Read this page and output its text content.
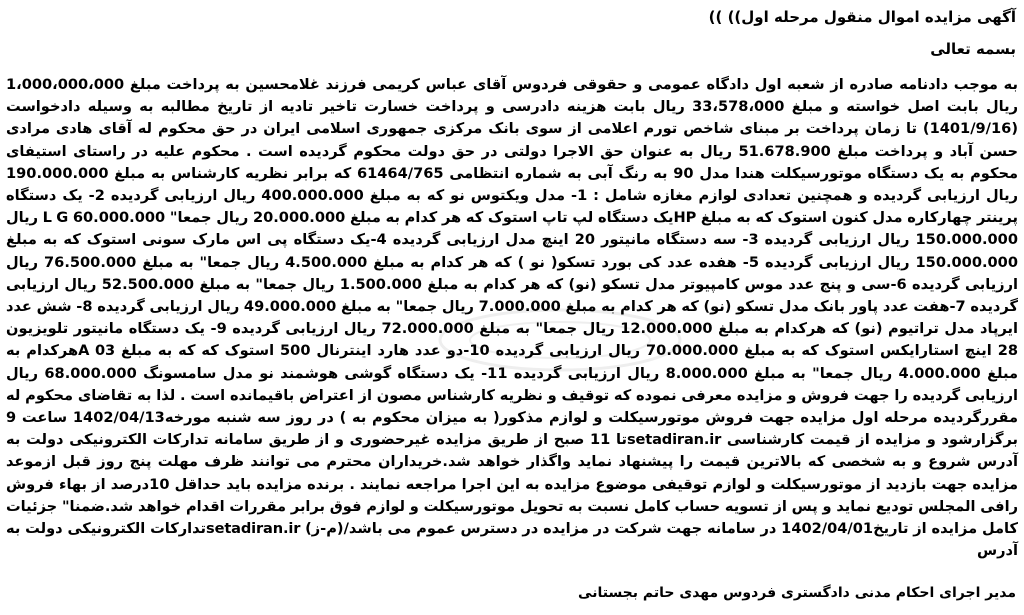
آگهی مزایده اموال منقول مرحله اول)) ))
بسمه تعالی
به موجب دادنامه صادره از شعبه اول دادگاه عمومی و حقوقی فردوس آقای عباس کریمی فرزند غلامحسین به پرداخت مبلغ 1،000،000،000 ریال بابت اصل خواسته و مبلغ 33،578،000 ریال بابت هزینه دادرسی و پرداخت خسارت تاخیر تادیه از تاریخ مطالبه به وسیله دادخواست (1401/9/16) تا زمان پرداخت بر مبنای شاخص تورم اعلامی از سوی بانک مرکزی جمهوری اسلامی ایران در حق محکوم له آقای هادی مرادی حسن آباد و پرداخت مبلغ 51.678.900 ریال به عنوان حق الاجرا دولتی در حق دولت محکوم گردیده است . محکوم علیه در راستای استیفای محکوم به یک دستگاه موتورسیکلت هندا مدل 90 به رنگ آبی به شماره انتظامی 61464/765 که برابر نظریه کارشناس به مبلغ 190.000.000 ریال ارزیابی گردیده و همچنین تعدادی لوازم مغازه شامل : 1- مدل ویکتوس نو که به مبلغ 400.000.000 ریال ارزیابی گردیده 2- یک دستگاه پرینتر چهارکاره مدل کنون استوک که به مبلغ HPیک دستگاه لپ تاپ استوک که هر کدام به مبلغ 20.000.000 ریال جمعا" 60.000.000 L G ریال 150.000.000 ریال ارزیابی گردیده 3- سه دستگاه مانیتور 20 اینچ مدل ارزیابی گردیده 4-یک دستگاه پی اس مارک سونی استوک که به مبلغ 150.000.000 ریال ارزیابی گردیده 5- هفده عدد کی بورد تسکو( نو ) که هر کدام به مبلغ 4.500.000 ریال جمعا" به مبلغ 76.500.000 ریال ارزیابی گردیده 6-سی و پنج عدد موس کامپیوتر مدل تسکو (نو) که هر کدام به مبلغ 1.500.000 ریال جمعا" به مبلغ 52.500.000 ریال ارزیابی گردیده 7-هفت عدد پاور بانک مدل تسکو (نو) که هر کدام به مبلغ 7.000.000 ریال جمعا" به مبلغ 49.000.000 ریال ارزیابی گردیده 8- شش عدد ایرپاد مدل تراتیوم (نو) که هرکدام به مبلغ 12.000.000 ریال جمعا" به مبلغ 72.000.000 ریال ارزیابی گردیده 9- یک دستگاه مانیتور تلویزیون 28 اینچ استارایکس استوک که به مبلغ 70.000.000 ریال ارزیابی گردیده 10-دو عدد هارد اینترنال 500 استوک که که به مبلغ A 03هرکدام به مبلغ 4.000.000 ریال جمعا" به مبلغ 8.000.000 ریال ارزیابی گردیده 11- یک دستگاه گوشی هوشمند نو مدل سامسونگ 68.000.000 ریال ارزیابی گردیده را جهت فروش و مزایده معرفی نموده که توقیف و نظریه کارشناس مصون از اعتراض باقیمانده است . لذا به تقاضای محکوم له مقررگردیده مرحله اول مزایده جهت فروش موتورسیکلت و لوازم مذکور( به میزان محکوم به ) در روز سه شنبه مورخه1402/04/13 ساعت 9 برگزارشود و مزایده از قیمت کارشناسی setadiran.irتا 11 صبح از طریق مزایده غیرحضوری و از طریق سامانه تدارکات الکترونیکی دولت به آدرس شروع و به شخصی که بالاترین قیمت را پیشنهاد نماید واگذار خواهد شد.خریداران محترم می توانند ظرف مهلت پنج روز قبل ازموعد مزایده جهت بازدید از موتورسیکلت و لوازم توقیفی موضوع مزایده به این اجرا مراجعه نمایند . برنده مزایده باید حداقل 10درصد از بهاء فروش رافی المجلس تودیع نماید و پس از تسویه حساب کامل نسبت به تحویل موتورسیکلت و لوازم فوق برابر مقررات اقدام خواهد شد.ضمنا" جزئیات کامل مزایده از تاریخ1402/04/01 در سامانه جهت شرکت در مزایده در دسترس عموم می باشد/(م-ز) setadiran.irتدارکات الکترونیکی دولت به آدرس
مدیر اجرای احکام مدنی دادگستری فردوس مهدی حاتم بجستانی
